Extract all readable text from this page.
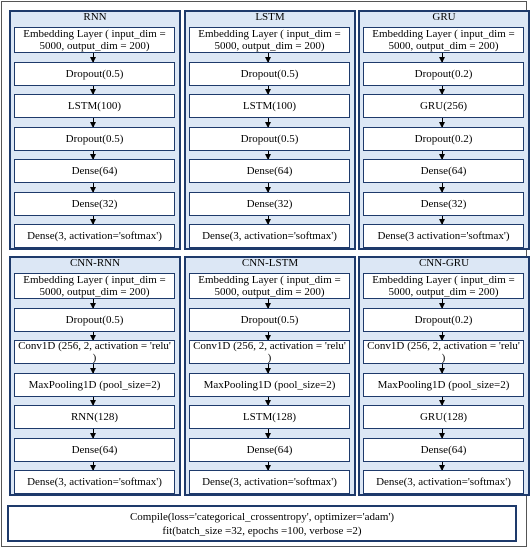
RNN
Embedding Layer ( input_dim = 5000, output_dim = 200)
Dropout(0.5)
LSTM(100)
Dropout(0.5)
Dense(64)
Dense(32)
Dense(3, activation='softmax')
LSTM
Embedding Layer ( input_dim = 5000, output_dim = 200)
Dropout(0.5)
LSTM(100)
Dropout(0.5)
Dense(64)
Dense(32)
Dense(3, activation='softmax')
GRU
Embedding Layer ( input_dim = 5000, output_dim = 200)
Dropout(0.2)
GRU(256)
Dropout(0.2)
Dense(64)
Dense(32)
Dense(3 activation='softmax')
CNN-RNN
Embedding Layer ( input_dim = 5000, output_dim = 200)
Dropout(0.5)
Conv1D (256, 2, activation = 'relu' )
MaxPooling1D (pool_size=2)
RNN(128)
Dense(64)
Dense(3, activation='softmax')
CNN-LSTM
Embedding Layer ( input_dim = 5000, output_dim = 200)
Dropout(0.5)
Conv1D (256, 2, activation = 'relu' )
MaxPooling1D (pool_size=2)
LSTM(128)
Dense(64)
Dense(3, activation='softmax')
CNN-GRU
Embedding Layer ( input_dim = 5000, output_dim = 200)
Dropout(0.2)
Conv1D (256, 2, activation = 'relu' )
MaxPooling1D (pool_size=2)
GRU(128)
Dense(64)
Dense(3, activation='softmax')
Compile(loss='categorical_crossentropy', optimizer='adam')
fit(batch_size =32, epochs =100, verbose =2)
